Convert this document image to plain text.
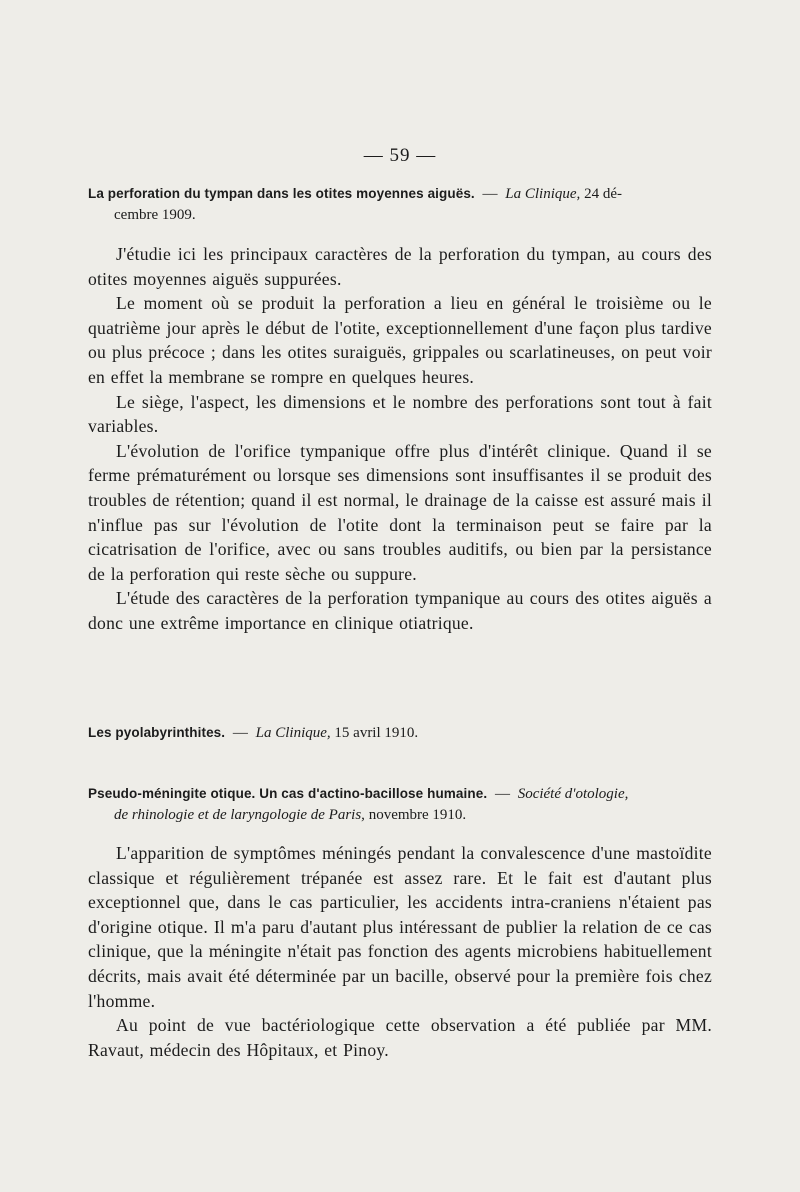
— 59 —
La perforation du tympan dans les otites moyennes aiguës. — La Clinique, 24 dé-
cembre 1909.

J'étudie ici les principaux caractères de la perforation du tympan, au cours des otites moyennes aiguës suppurées.

Le moment où se produit la perforation a lieu en général le troisième ou le quatrième jour après le début de l'otite, exceptionnellement d'une façon plus tardive ou plus précoce ; dans les otites suraiguës, grippales ou scarlatineuses, on peut voir en effet la membrane se rompre en quelques heures.

Le siège, l'aspect, les dimensions et le nombre des perforations sont tout à fait variables.

L'évolution de l'orifice tympanique offre plus d'intérêt clinique. Quand il se ferme prématurément ou lorsque ses dimensions sont insuffisantes il se produit des troubles de rétention; quand il est normal, le drainage de la caisse est assuré mais il n'influe pas sur l'évolution de l'otite dont la terminaison peut se faire par la cicatrisation de l'orifice, avec ou sans troubles auditifs, ou bien par la persistance de la perforation qui reste sèche ou suppure.

L'étude des caractères de la perforation tympanique au cours des otites aiguës a donc une extrême importance en clinique otiatrique.

Les pyolabyrinthites. — La Clinique, 15 avril 1910.
Pseudo-méningite otique. Un cas d'actino-bacillose humaine. — Société d'otologie,
de rhinologie et de laryngologie de Paris, novembre 1910.

L'apparition de symptômes méningés pendant la convalescence d'une mastoïdite classique et régulièrement trépanée est assez rare. Et le fait est d'autant plus exceptionnel que, dans le cas particulier, les accidents intra-craniens n'étaient pas d'origine otique. Il m'a paru d'autant plus intéressant de publier la relation de ce cas clinique, que la méningite n'était pas fonction des agents microbiens habituellement décrits, mais avait été déterminée par un bacille, observé pour la première fois chez l'homme.

Au point de vue bactériologique cette observation a été publiée par MM. Ravaut, médecin des Hôpitaux, et Pinoy.
